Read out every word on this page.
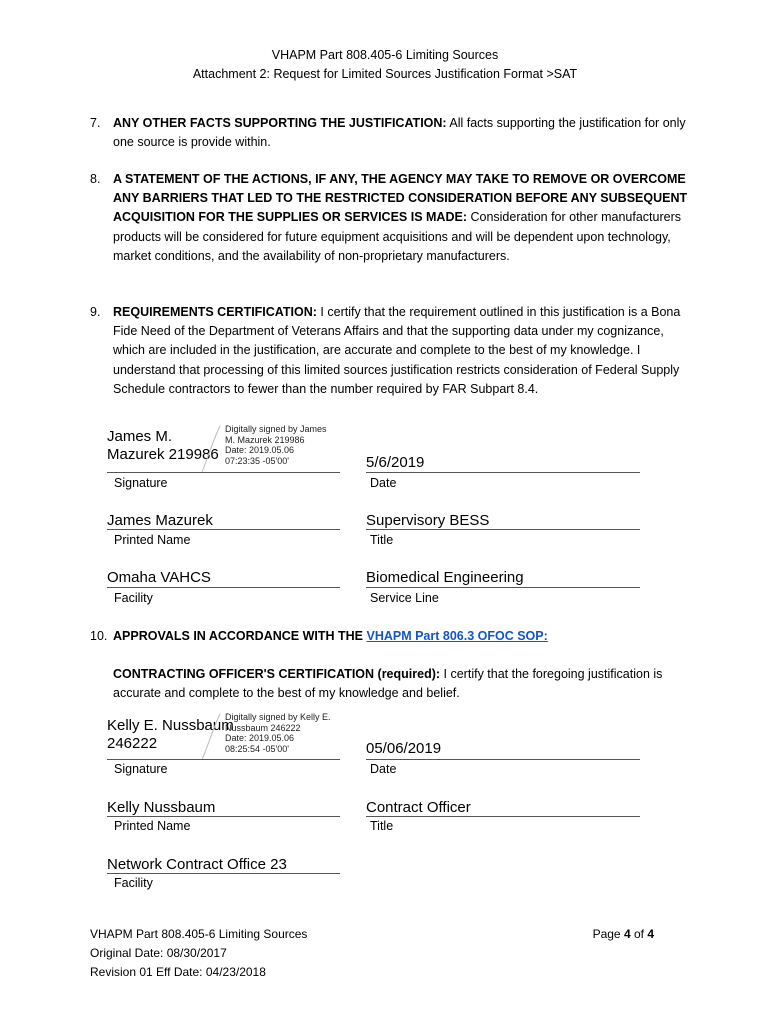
VHAPM Part 808.405-6 Limiting Sources
Attachment 2: Request for Limited Sources Justification Format >SAT
7. ANY OTHER FACTS SUPPORTING THE JUSTIFICATION: All facts supporting the justification for only one source is provide within.
8. A STATEMENT OF THE ACTIONS, IF ANY, THE AGENCY MAY TAKE TO REMOVE OR OVERCOME ANY BARRIERS THAT LED TO THE RESTRICTED CONSIDERATION BEFORE ANY SUBSEQUENT ACQUISITION FOR THE SUPPLIES OR SERVICES IS MADE: Consideration for other manufacturers products will be considered for future equipment acquisitions and will be dependent upon technology, market conditions, and the availability of non-proprietary manufacturers.
9. REQUIREMENTS CERTIFICATION: I certify that the requirement outlined in this justification is a Bona Fide Need of the Department of Veterans Affairs and that the supporting data under my cognizance, which are included in the justification, are accurate and complete to the best of my knowledge. I understand that processing of this limited sources justification restricts consideration of Federal Supply Schedule contractors to fewer than the number required by FAR Subpart 8.4.
James M.
Mazurek 219986
Digitally signed by James
M. Mazurek 219986
Date: 2019.05.06
07:23:35 -05'00'
Signature
5/6/2019
Date
James Mazurek
Printed Name
Supervisory BESS
Title
Omaha VAHCS
Facility
Biomedical Engineering
Service Line
10. APPROVALS IN ACCORDANCE WITH THE VHAPM Part 806.3 OFOC SOP:
CONTRACTING OFFICER'S CERTIFICATION (required): I certify that the foregoing justification is accurate and complete to the best of my knowledge and belief.
Kelly E. Nussbaum
246222
Digitally signed by Kelly E.
Nussbaum 246222
Date: 2019.05.06
08:25:54 -05'00'
Signature
05/06/2019
Date
Kelly Nussbaum
Printed Name
Contract Officer
Title
Network Contract Office 23
Facility
VHAPM Part 808.405-6 Limiting Sources
Original Date: 08/30/2017
Revision 01 Eff Date: 04/23/2018
Page 4 of 4
